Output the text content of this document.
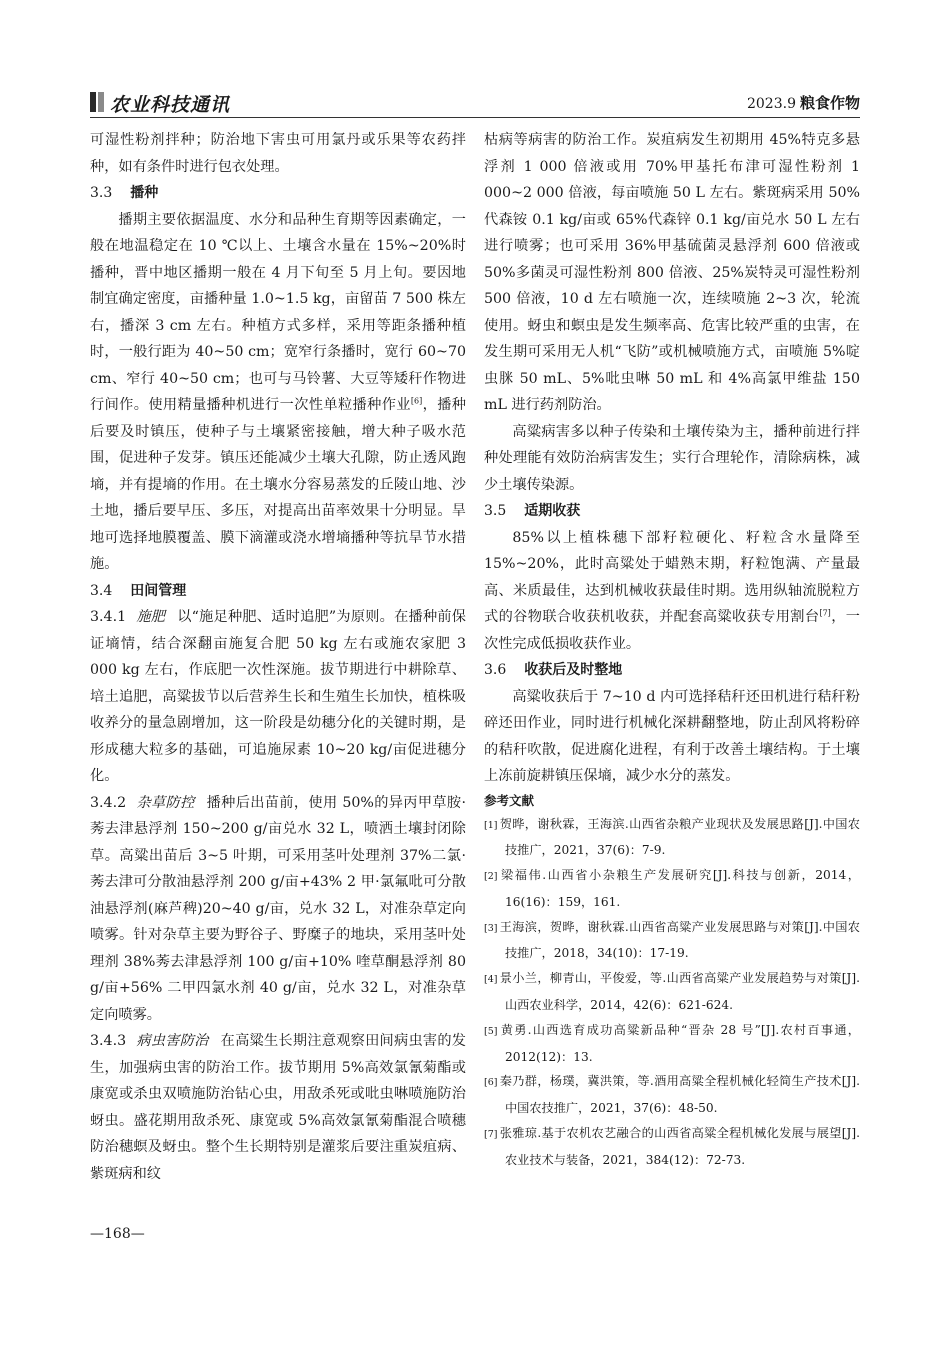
农业科技通讯	2023.9 粮食作物

可湿性粉剂拌种；防治地下害虫可用氯丹或乐果等农药拌种，如有条件时进行包衣处理。

3.3 播种

播期主要依据温度、水分和品种生育期等因素确定，一般在地温稳定在 10 ℃以上、土壤含水量在 15%~20%时播种，晋中地区播期一般在 4 月下旬至 5 月上旬。要因地制宜确定密度，亩播种量 1.0~1.5 kg，亩留苗 7 500 株左右，播深 3 cm 左右。种植方式多样，采用等距条播种植时，一般行距为 40~50 cm；宽窄行条播时，宽行 60~70 cm、窄行 40~50 cm；也可与马铃薯、大豆等矮秆作物进行间作。使用精量播种机进行一次性单粒播种作业[6]，播种后要及时镇压，使种子与土壤紧密接触，增大种子吸水范围，促进种子发芽。镇压还能减少土壤大孔隙，防止透风跑墒，并有提墒的作用。在土壤水分容易蒸发的丘陵山地、沙土地，播后要早压、多压，对提高出苗率效果十分明显。旱地可选择地膜覆盖、膜下滴灌或浇水增墒播种等抗旱节水措施。

3.4 田间管理

3.4.1 施肥 以“施足种肥、适时追肥”为原则。在播种前保证墒情，结合深翻亩施复合肥 50 kg 左右或施农家肥 3 000 kg 左右，作底肥一次性深施。拔节期进行中耕除草、培土追肥，高粱拔节以后营养生长和生殖生长加快，植株吸收养分的量急剧增加，这一阶段是幼穗分化的关键时期，是形成穗大粒多的基础，可追施尿素 10~20 kg/亩促进穗分化。

3.4.2 杂草防控 播种后出苗前，使用 50%的异丙甲草胺·莠去津悬浮剂 150~200 g/亩兑水 32 L，喷洒土壤封闭除草。高粱出苗后 3~5 叶期，可采用茎叶处理剂 37%二氯·莠去津可分散油悬浮剂 200 g/亩+43% 2 甲·氯氟吡可分散油悬浮剂(麻芦稗)20~40 g/亩，兑水 32 L，对准杂草定向喷雾。针对杂草主要为野谷子、野糜子的地块，采用茎叶处理剂 38%莠去津悬浮剂 100 g/亩+10% 喹草酮悬浮剂 80 g/亩+56% 二甲四氯水剂 40 g/亩，兑水 32 L，对准杂草定向喷雾。

3.4.3 病虫害防治 在高粱生长期注意观察田间病虫害的发生，加强病虫害的防治工作。拔节期用 5%高效氯氰菊酯或康宽或杀虫双喷施防治钻心虫，用敌杀死或吡虫啉喷施防治蚜虫。盛花期用敌杀死、康宽或 5%高效氯氰菊酯混合喷穗防治穗螟及蚜虫。整个生长期特别是灌浆后要注重炭疽病、紫斑病和纹

枯病等病害的防治工作。炭疽病发生初期用 45%特克多悬浮剂 1 000 倍液或用 70%甲基托布津可湿性粉剂 1 000~2 000 倍液，每亩喷施 50 L 左右。紫斑病采用 50%代森铵 0.1 kg/亩或 65%代森锌 0.1 kg/亩兑水 50 L 左右进行喷雾；也可采用 36%甲基硫菌灵悬浮剂 600 倍液或 50%多菌灵可湿性粉剂 800 倍液、25%炭特灵可湿性粉剂 500 倍液，10 d 左右喷施一次，连续喷施 2~3 次，轮流使用。蚜虫和螟虫是发生频率高、危害比较严重的虫害，在发生期可采用无人机“飞防”或机械喷施方式，亩喷施 5%啶虫脒 50 mL、5%吡虫啉 50 mL 和 4%高氯甲维盐 150 mL 进行药剂防治。

高粱病害多以种子传染和土壤传染为主，播种前进行拌种处理能有效防治病害发生；实行合理轮作，清除病株，减少土壤传染源。

3.5 适期收获

85%以上植株穗下部籽粒硬化、籽粒含水量降至 15%~20%，此时高粱处于蜡熟末期，籽粒饱满、产量最高、米质最佳，达到机械收获最佳时期。选用纵轴流脱粒方式的谷物联合收获机收获，并配套高粱收获专用割台[7]，一次性完成低损收获作业。

3.6 收获后及时整地

高粱收获后于 7~10 d 内可选择秸秆还田机进行秸秆粉碎还田作业，同时进行机械化深耕翻整地，防止刮风将粉碎的秸秆吹散，促进腐化进程，有利于改善土壤结构。于土壤上冻前旋耕镇压保墒，减少水分的蒸发。

参考文献

[1] 贺晔，谢秋霖，王海滨.山西省杂粮产业现状及发展思路[J].中国农技推广，2021，37(6)：7-9.
[2] 梁福伟.山西省小杂粮生产发展研究[J].科技与创新，2014，16(16)：159，161.
[3] 王海滨，贺晔，谢秋霖.山西省高粱产业发展思路与对策[J].中国农技推广，2018，34(10)：17-19.
[4] 景小兰，柳青山，平俊爱，等.山西省高粱产业发展趋势与对策[J].山西农业科学，2014，42(6)：621-624.
[5] 黄勇.山西选育成功高粱新品种“晋杂 28 号”[J].农村百事通，2012(12)：13.
[6] 秦乃群，杨璞，冀洪策，等.酒用高粱全程机械化轻简生产技术[J].中国农技推广，2021，37(6)：48-50.
[7] 张雅琼.基于农机农艺融合的山西省高粱全程机械化发展与展望[J].农业技术与装备，2021，384(12)：72-73.
—168—
